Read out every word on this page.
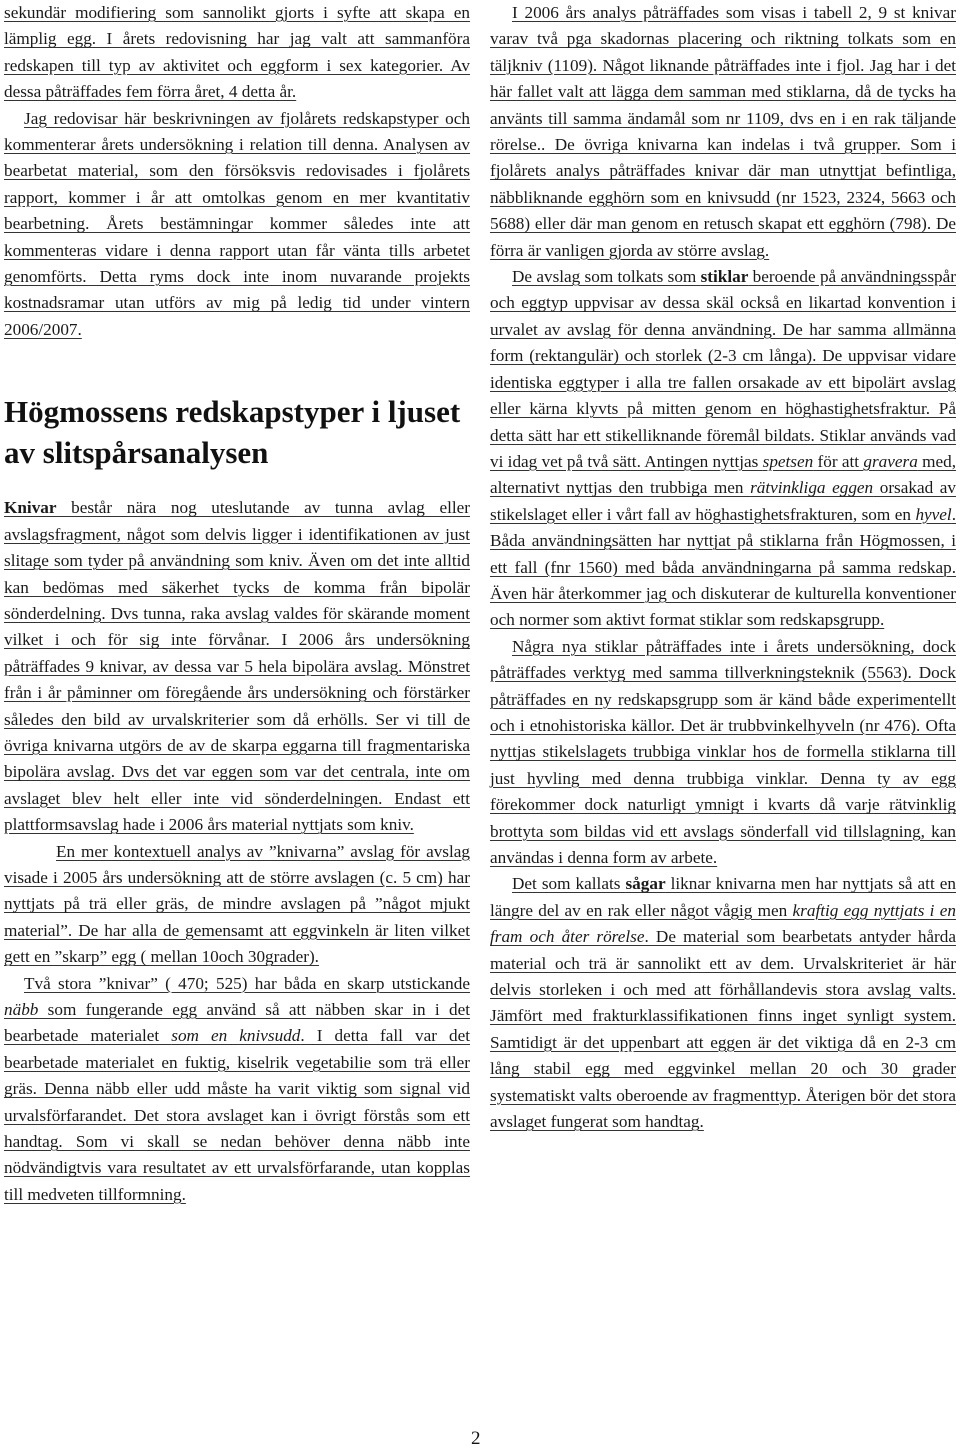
sekundär modifiering som sannolikt gjorts i syfte att skapa en lämplig egg. I årets redovisning har jag valt att sammanföra redskapen till typ av aktivitet och eggform i sex kategorier. Av dessa påträffades fem förra året, 4 detta år.

Jag redovisar här beskrivningen av fjolårets redskapstyper och kommenterar årets undersökning i relation till denna. Analysen av bearbetat material, som den försöksvis redovisades i fjolårets rapport, kommer i år att omtolkas genom en mer kvantitativ bearbetning. Årets bestämningar kommer således inte att kommenteras vidare i denna rapport utan får vänta tills arbetet genomförts. Detta ryms dock inte inom nuvarande projekts kostnadsramar utan utförs av mig på ledig tid under vintern 2006/2007.

Högmossens redskapstyper i ljuset av slitspårsanalysen

Knivar består nära nog uteslutande av tunna avlag eller avslagsfragment, något som delvis ligger i identifikationen av just slitage som tyder på användning som kniv. Även om det inte alltid kan bedömas med säkerhet tycks de komma från bipolär sönderdelning. Dvs tunna, raka avslag valdes för skärande moment vilket i och för sig inte förvånar. I 2006 års undersökning påträffades 9 knivar, av dessa var 5 hela bipolära avslag. Mönstret från i år påminner om föregående års undersökning och förstärker således den bild av urvalskriterier som då erhölls. Ser vi till de övriga knivarna utgörs de av de skarpa eggarna till fragmentariska bipolära avslag. Dvs det var eggen som var det centrala, inte om avslaget blev helt eller inte vid sönderdelningen. Endast ett plattformsavslag hade i 2006 års material nyttjats som kniv.

En mer kontextuell analys av ”knivarna” avslag för avslag visade i 2005 års undersökning att de större avslagen (c. 5 cm) har nyttjats på trä eller gräs, de mindre avslagen på ”något mjukt material”. De har alla de gemensamt att eggvinkeln är liten vilket gett en ”skarp” egg ( mellan 10och 30grader).

Två stora ”knivar” ( 470; 525) har båda en skarp utstickande näbb som fungerande egg använd så att näbben skar in i det bearbetade materialet som en knivsudd. I detta fall var det bearbetade materialet en fuktig, kiselrik vegetabilie som trä eller gräs. Denna näbb eller udd måste ha varit viktig som signal vid urvalsförfarandet. Det stora avslaget kan i övrigt förstås som ett handtag. Som vi skall se nedan behöver denna näbb inte nödvändigtvis vara resultatet av ett urvalsförfarande, utan kopplas till medveten tillformning.

I 2006 års analys påträffades som visas i tabell 2, 9 st knivar varav två pga skadornas placering och riktning tolkats som en täljkniv (1109). Något liknande påträffades inte i fjol. Jag har i det här fallet valt att lägga dem samman med stiklarna, då de tycks ha använts till samma ändamål som nr 1109, dvs en i en rak täljande rörelse.. De övriga knivarna kan indelas i två grupper. Som i fjolårets analys påträffades knivar där man utnyttjat befintliga, näbbliknande egghörn som en knivsudd (nr 1523, 2324, 5663 och 5688) eller där man genom en retusch skapat ett egghörn (798). De förra är vanligen gjorda av större avslag.

De avslag som tolkats som stiklar beroende på användningsspår och eggtyp uppvisar av dessa skäl också en likartad konvention i urvalet av avslag för denna användning. De har samma allmänna form (rektangulär) och storlek (2-3 cm långa). De uppvisar vidare identiska eggtyper i alla tre fallen orsakade av ett bipolärt avslag eller kärna klyvts på mitten genom en höghastighetsfraktur. På detta sätt har ett stikelliknande föremål bildats. Stiklar används vad vi idag vet på två sätt. Antingen nyttjas spetsen för att gravera med, alternativt nyttjas den trubbiga men rätvinkliga eggen orsakad av stikelslaget eller i vårt fall av höghastighetsfrakturen, som en hyvel. Båda användningsätten har nyttjat på stiklarna från Högmossen, i ett fall (fnr 1560) med båda användningarna på samma redskap. Även här återkommer jag och diskuterar de kulturella konventioner och normer som aktivt format stiklar som redskapsgrupp.

Några nya stiklar påträffades inte i årets undersökning, dock påträffades verktyg med samma tillverkningsteknik (5563). Dock påträffades en ny redskapsgrupp som är känd både experimentellt och i etnohistoriska källor. Det är trubbvinkelhyveln (nr 476). Ofta nyttjas stikelslagets trubbiga vinklar hos de formella stiklarna till just hyvling med denna trubbiga vinklar. Denna ty av egg förekommer dock naturligt ymnigt i kvarts då varje rätvinklig brottyta som bildas vid ett avslags sönderfall vid tillslagning, kan användas i denna form av arbete.

Det som kallats sågar liknar knivarna men har nyttjats så att en längre del av en rak eller något vågig men kraftig egg nyttjats i en fram och åter rörelse. De material som bearbetats antyder hårda material och trä är sannolikt ett av dem. Urvalskriteriet är här delvis storleken i och med att förhållandevis stora avslag valts. Jämfört med frakturklassifikationen finns inget synligt system. Samtidigt är det uppenbart att eggen är det viktiga då en 2-3 cm lång stabil egg med eggvinkel mellan 20 och 30 grader systematiskt valts oberoende av fragmenttyp. Återigen bör det stora avslaget fungerat som handtag.

2
